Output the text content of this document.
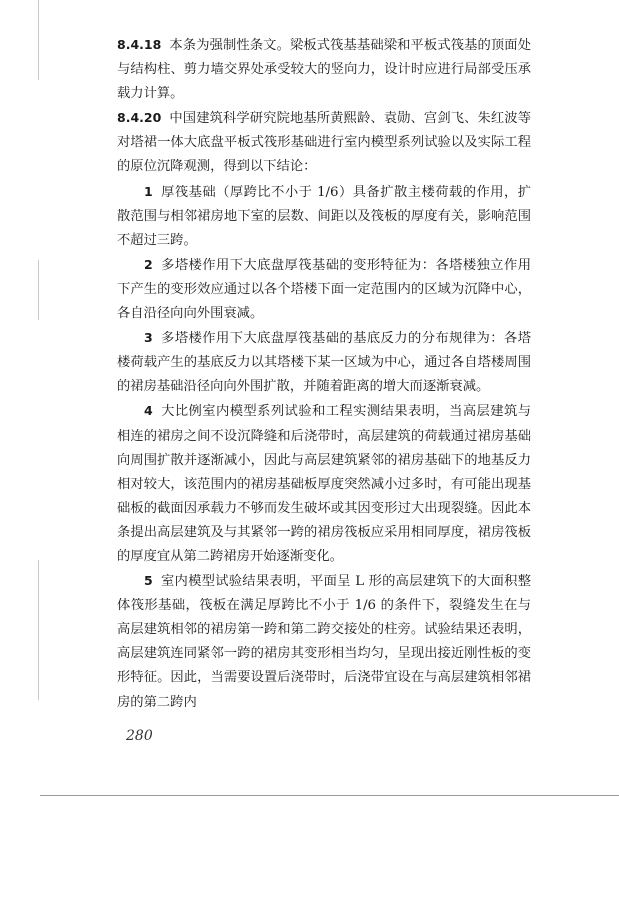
8.4.18 本条为强制性条文。梁板式筏基基础梁和平板式筏基的顶面处与结构柱、剪力墙交界处承受较大的竖向力，设计时应进行局部受压承载力计算。

8.4.20 中国建筑科学研究院地基所黄熙龄、袁勋、宫剑飞、朱红波等对塔裙一体大底盘平板式筏形基础进行室内模型系列试验以及实际工程的原位沉降观测，得到以下结论：

1 厚筏基础（厚跨比不小于 1/6）具备扩散主楼荷载的作用，扩散范围与相邻裙房地下室的层数、间距以及筏板的厚度有关，影响范围不超过三跨。

2 多塔楼作用下大底盘厚筏基础的变形特征为：各塔楼独立作用下产生的变形效应通过以各个塔楼下面一定范围内的区域为沉降中心，各自沿径向向外围衰减。

3 多塔楼作用下大底盘厚筏基础的基底反力的分布规律为：各塔楼荷载产生的基底反力以其塔楼下某一区域为中心，通过各自塔楼周围的裙房基础沿径向向外围扩散，并随着距离的增大而逐渐衰减。

4 大比例室内模型系列试验和工程实测结果表明，当高层建筑与相连的裙房之间不设沉降缝和后浇带时，高层建筑的荷载通过裙房基础向周围扩散并逐渐减小，因此与高层建筑紧邻的裙房基础下的地基反力相对较大，该范围内的裙房基础板厚度突然减小过多时，有可能出现基础板的截面因承载力不够而发生破坏或其因变形过大出现裂缝。因此本条提出高层建筑及与其紧邻一跨的裙房筏板应采用相同厚度，裙房筏板的厚度宜从第二跨裙房开始逐渐变化。

5 室内模型试验结果表明，平面呈 L 形的高层建筑下的大面积整体筏形基础，筏板在满足厚跨比不小于 1/6 的条件下，裂缝发生在与高层建筑相邻的裙房第一跨和第二跨交接处的柱旁。试验结果还表明，高层建筑连同紧邻一跨的裙房其变形相当均匀，呈现出接近刚性板的变形特征。因此，当需要设置后浇带时，后浇带宜设在与高层建筑相邻裙房的第二跨内

280
